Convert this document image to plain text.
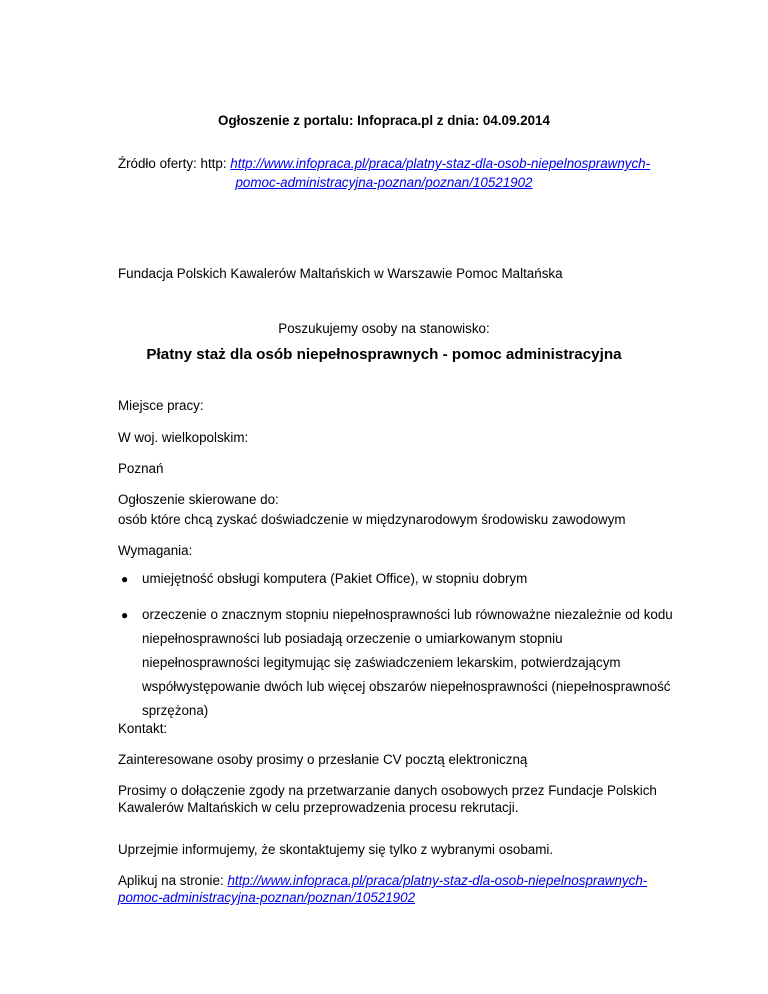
Ogłoszenie z portalu: Infopraca.pl z dnia: 04.09.2014
Źródło oferty: http: http://www.infopraca.pl/praca/platny-staz-dla-osob-niepelnosprawnych-
pomoc-administracyjna-poznan/poznan/10521902
Fundacja Polskich Kawalerów Maltańskich w Warszawie Pomoc Maltańska
Poszukujemy osoby na stanowisko:
Płatny staż dla osób niepełnosprawnych - pomoc administracyjna
Miejsce pracy:
W woj. wielkopolskim:
Poznań
Ogłoszenie skierowane do:
osób które chcą zyskać doświadczenie w międzynarodowym środowisku zawodowym
Wymagania:
● umiejętność obsługi komputera (Pakiet Office), w stopniu dobrym
● orzeczenie o znacznym stopniu niepełnosprawności lub równoważne niezależnie od kodu niepełnosprawności lub posiadają orzeczenie o umiarkowanym stopniu niepełnosprawności legitymując się zaświadczeniem lekarskim, potwierdzającym współwystępowanie dwóch lub więcej obszarów niepełnosprawności (niepełnosprawność sprzężona)
Kontakt:
Zainteresowane osoby prosimy o przesłanie CV pocztą elektroniczną
Prosimy o dołączenie zgody na przetwarzanie danych osobowych przez Fundacje Polskich Kawalerów Maltańskich w celu przeprowadzenia procesu rekrutacji.
Uprzejmie informujemy, że skontaktujemy się tylko z wybranymi osobami.
Aplikuj na stronie: http://www.infopraca.pl/praca/platny-staz-dla-osob-niepelnosprawnych-
pomoc-administracyjna-poznan/poznan/10521902
